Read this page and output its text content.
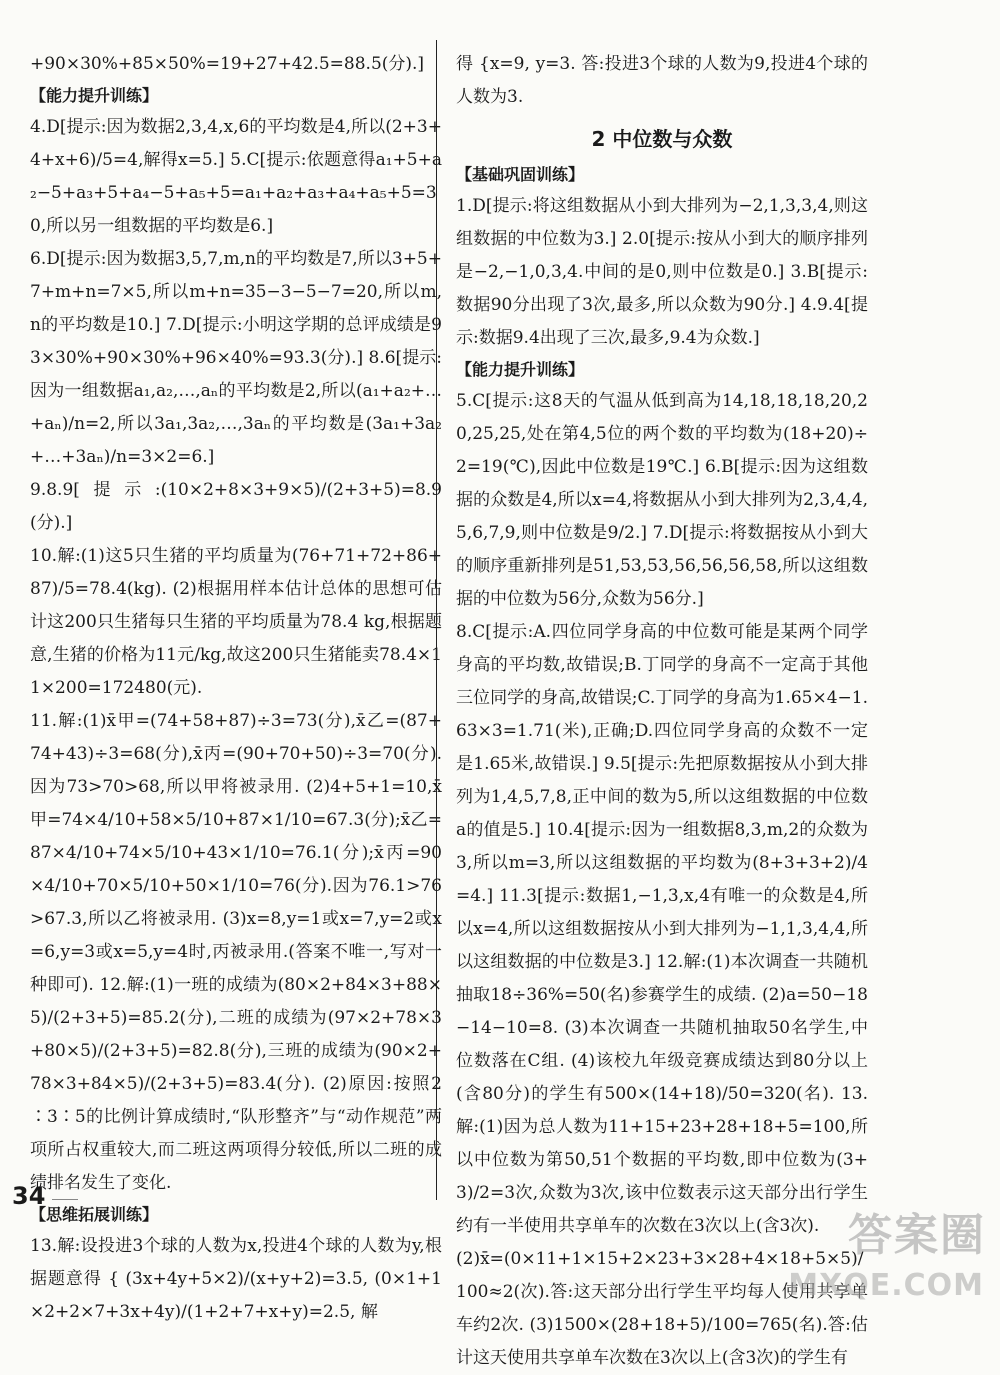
+90×30%+85×50%=19+27+42.5=88.5(分).]

【能力提升训练】

4.D[提示:因为数据2,3,4,x,6的平均数是4,所以(2+3+4+x+6)/5=4,解得x=5.] 5.C[提示:依题意得a₁+5+a₂−5+a₃+5+a₄−5+a₅+5=a₁+a₂+a₃+a₄+a₅+5=30,所以另一组数据的平均数是6.]

6.D[提示:因为数据3,5,7,m,n的平均数是7,所以3+5+7+m+n=7×5,所以m+n=35−3−5−7=20,所以m,n的平均数是10.] 7.D[提示:小明这学期的总评成绩是93×30%+90×30%+96×40%=93.3(分).] 8.6[提示:因为一组数据a₁,a₂,…,aₙ的平均数是2,所以(a₁+a₂+…+aₙ)/n=2,所以3a₁,3a₂,…,3aₙ的平均数是(3a₁+3a₂+…+3aₙ)/n=3×2=6.]

9.8.9[提示:(10×2+8×3+9×5)/(2+3+5)=8.9(分).]

10.解:(1)这5只生猪的平均质量为(76+71+72+86+87)/5=78.4(kg). (2)根据用样本估计总体的思想可估计这200只生猪每只生猪的平均质量为78.4 kg,根据题意,生猪的价格为11元/kg,故这200只生猪能卖78.4×11×200=172480(元).

11.解:(1)x̄甲=(74+58+87)÷3=73(分),x̄乙=(87+74+43)÷3=68(分),x̄丙=(90+70+50)÷3=70(分).因为73>70>68,所以甲将被录用. (2)4+5+1=10,x̄甲=74×4/10+58×5/10+87×1/10=67.3(分);x̄乙=87×4/10+74×5/10+43×1/10=76.1(分);x̄丙=90×4/10+70×5/10+50×1/10=76(分).因为76.1>76>67.3,所以乙将被录用. (3)x=8,y=1或x=7,y=2或x=6,y=3或x=5,y=4时,丙被录用.(答案不唯一,写对一种即可). 12.解:(1)一班的成绩为(80×2+84×3+88×5)/(2+3+5)=85.2(分),二班的成绩为(97×2+78×3+80×5)/(2+3+5)=82.8(分),三班的成绩为(90×2+78×3+84×5)/(2+3+5)=83.4(分). (2)原因:按照2∶3∶5的比例计算成绩时,“队形整齐”与“动作规范”两项所占权重较大,而二班这两项得分较低,所以二班的成绩排名发生了变化.

【思维拓展训练】

13.解:设投进3个球的人数为x,投进4个球的人数为y,根据题意得 { (3x+4y+5×2)/(x+y+2)=3.5, (0×1+1×2+2×7+3x+4y)/(1+2+7+x+y)=2.5, 解

得 {x=9, y=3. 答:投进3个球的人数为9,投进4个球的人数为3.

2 中位数与众数

【基础巩固训练】

1.D[提示:将这组数据从小到大排列为−2,1,3,3,4,则这组数据的中位数为3.] 2.0[提示:按从小到大的顺序排列是−2,−1,0,3,4.中间的是0,则中位数是0.] 3.B[提示:数据90分出现了3次,最多,所以众数为90分.] 4.9.4[提示:数据9.4出现了三次,最多,9.4为众数.]

【能力提升训练】

5.C[提示:这8天的气温从低到高为14,18,18,18,20,20,25,25,处在第4,5位的两个数的平均数为(18+20)÷2=19(℃),因此中位数是19℃.] 6.B[提示:因为这组数据的众数是4,所以x=4,将数据从小到大排列为2,3,4,4,5,6,7,9,则中位数是9/2.] 7.D[提示:将数据按从小到大的顺序重新排列是51,53,53,56,56,56,58,所以这组数据的中位数为56分,众数为56分.]

8.C[提示:A.四位同学身高的中位数可能是某两个同学身高的平均数,故错误;B.丁同学的身高不一定高于其他三位同学的身高,故错误;C.丁同学的身高为1.65×4−1.63×3=1.71(米),正确;D.四位同学身高的众数不一定是1.65米,故错误.] 9.5[提示:先把原数据按从小到大排列为1,4,5,7,8,正中间的数为5,所以这组数据的中位数a的值是5.] 10.4[提示:因为一组数据8,3,m,2的众数为3,所以m=3,所以这组数据的平均数为(8+3+3+2)/4=4.] 11.3[提示:数据1,−1,3,x,4有唯一的众数是4,所以x=4,所以这组数据按从小到大排列为−1,1,3,4,4,所以这组数据的中位数是3.] 12.解:(1)本次调查一共随机抽取18÷36%=50(名)参赛学生的成绩. (2)a=50−18−14−10=8. (3)本次调查一共随机抽取50名学生,中位数落在C组. (4)该校九年级竞赛成绩达到80分以上(含80分)的学生有500×(14+18)/50=320(名). 13.解:(1)因为总人数为11+15+23+28+18+5=100,所以中位数为第50,51个数据的平均数,即中位数为(3+3)/2=3次,众数为3次,该中位数表示这天部分出行学生约有一半使用共享单车的次数在3次以上(含3次).

(2)x̄=(0×11+1×15+2×23+3×28+4×18+5×5)/100≈2(次).答:这天部分出行学生平均每人使用共享单车约2次. (3)1500×(28+18+5)/100=765(名).答:估计这天使用共享单车次数在3次以上(含3次)的学生有

34
答案圈
MXQE.COM
